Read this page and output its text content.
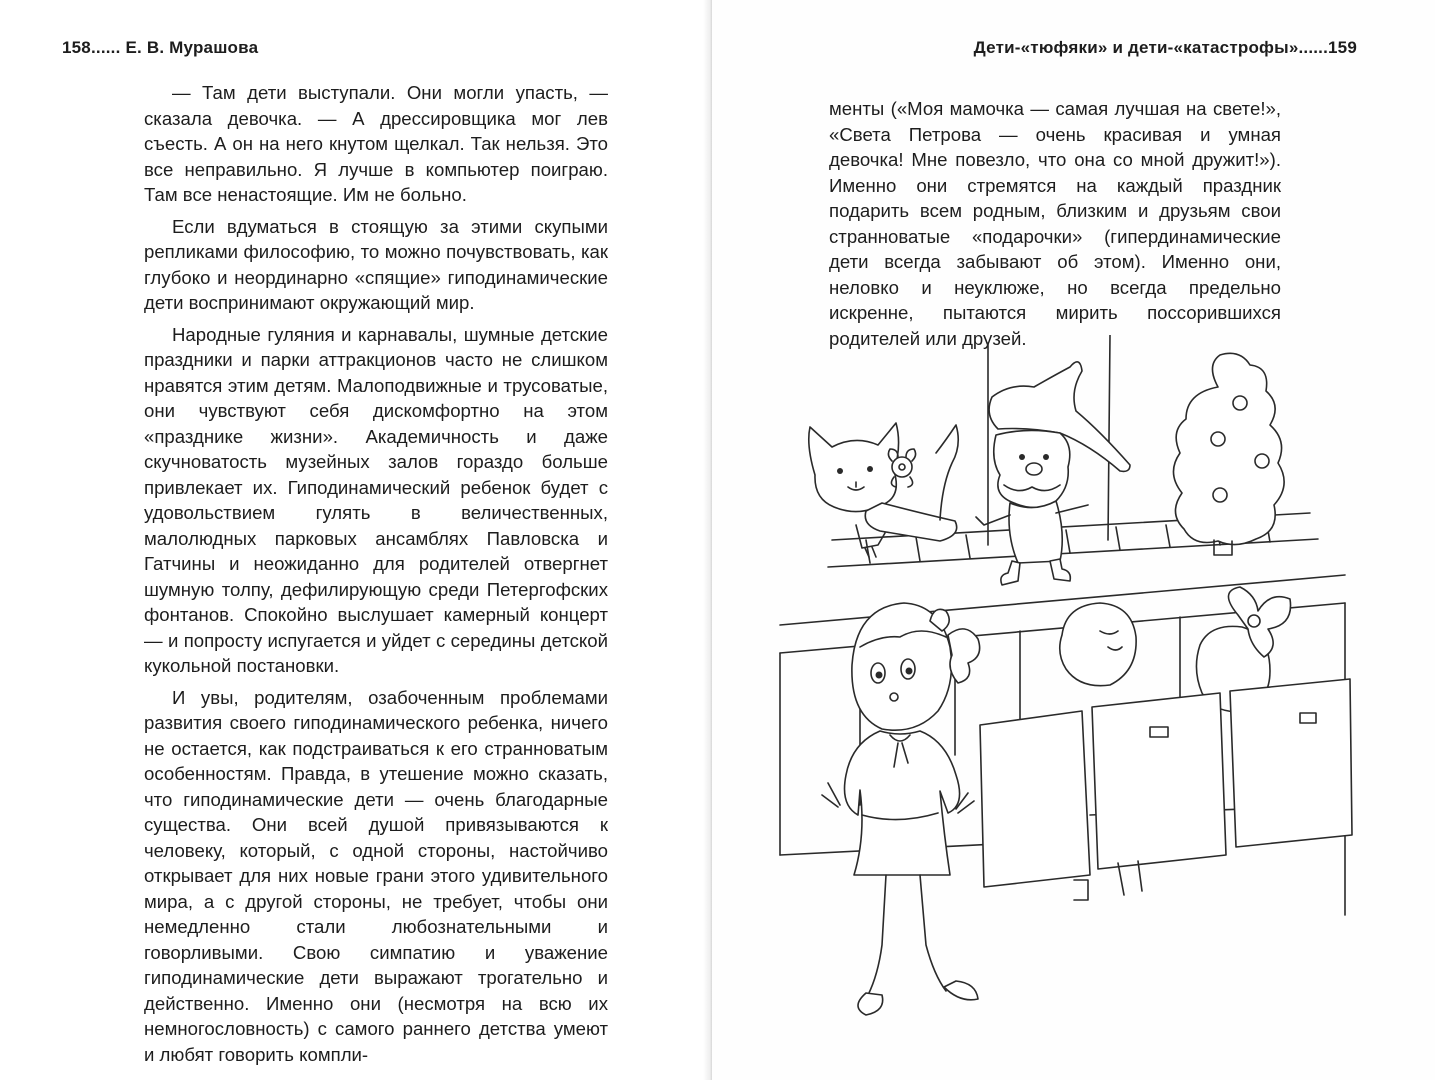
158...... Е. В. Мурашова

— Там дети выступали. Они могли упасть, — сказала девочка. — А дрессировщика мог лев съесть. А он на него кнутом щелкал. Так нельзя. Это все неправильно. Я лучше в компьютер поиграю. Там все ненастоящие. Им не больно.

Если вдуматься в стоящую за этими скупыми репликами философию, то можно почувствовать, как глубоко и неординарно «спящие» гиподинамические дети воспринимают окружающий мир.

Народные гуляния и карнавалы, шумные детские праздники и парки аттракционов часто не слишком нравятся этим детям. Малоподвижные и трусоватые, они чувствуют себя дискомфортно на этом «празднике жизни». Академичность и даже скучноватость музейных залов гораздо больше привлекает их. Гиподинамический ребенок будет с удовольствием гулять в величественных, малолюдных парковых ансамблях Павловска и Гатчины и неожиданно для родителей отвергнет шумную толпу, дефилирующую среди Петергофских фонтанов. Спокойно выслушает камерный концерт — и попросту испугается и уйдет с середины детской кукольной постановки.

И увы, родителям, озабоченным проблемами развития своего гиподинамического ребенка, ничего не остается, как подстраиваться к его странноватым особенностям. Правда, в утешение можно сказать, что гиподинамические дети — очень благодарные существа. Они всей душой привязываются к человеку, который, с одной стороны, настойчиво открывает для них новые грани этого удивительного мира, а с другой стороны, не требует, чтобы они немедленно стали любознательными и говорливыми. Свою симпатию и уважение гиподинамические дети выражают трогательно и действенно. Именно они (несмотря на всю их немногословность) с самого раннего детства умеют и любят говорить компли-

Дети-«тюфяки» и дети-«катастрофы»......159

менты («Моя мамочка — самая лучшая на свете!», «Света Петрова — очень красивая и умная девочка! Мне повезло, что она со мной дружит!»). Именно они стремятся на каждый праздник подарить всем родным, близким и друзьям свои странноватые «подарочки» (гипердинамические дети всегда забывают об этом). Именно они, неловко и неуклюже, но всегда предельно искренне, пытаются мирить поссорившихся родителей или друзей.
